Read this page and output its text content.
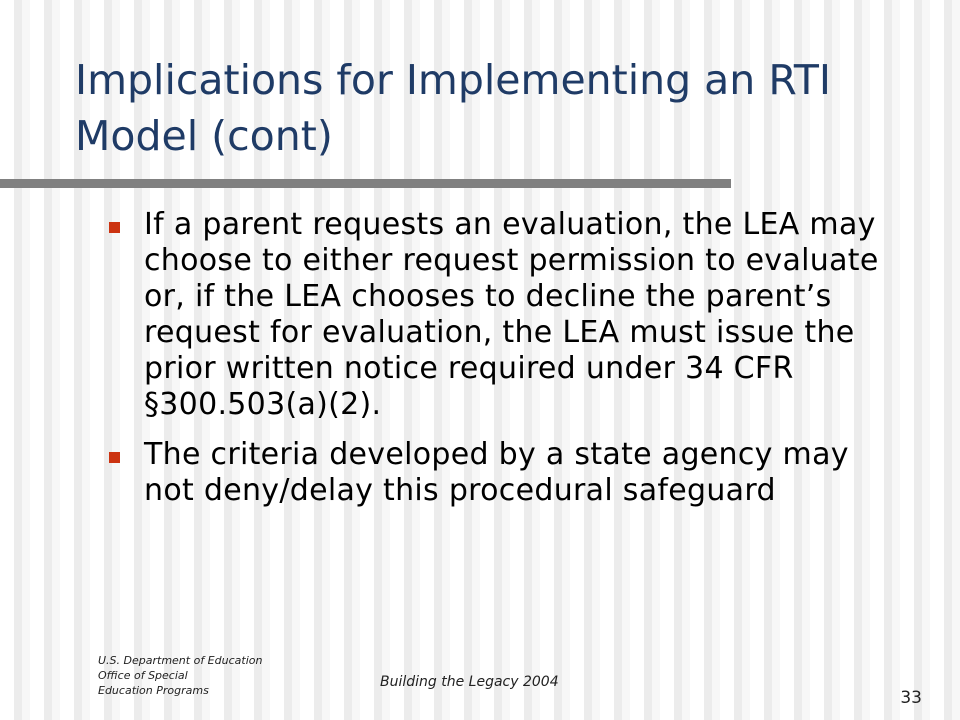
Implications for Implementing an RTI Model (cont)
If a parent requests an evaluation, the LEA may choose to either request permission to evaluate or, if the LEA chooses to decline the parent’s request for evaluation, the LEA must issue the prior written notice required under 34 CFR §300.503(a)(2).
The criteria developed by a state agency may not deny/delay this procedural safeguard
U.S. Department of Education
Office of Special
Education Programs
Building the Legacy 2004
33
